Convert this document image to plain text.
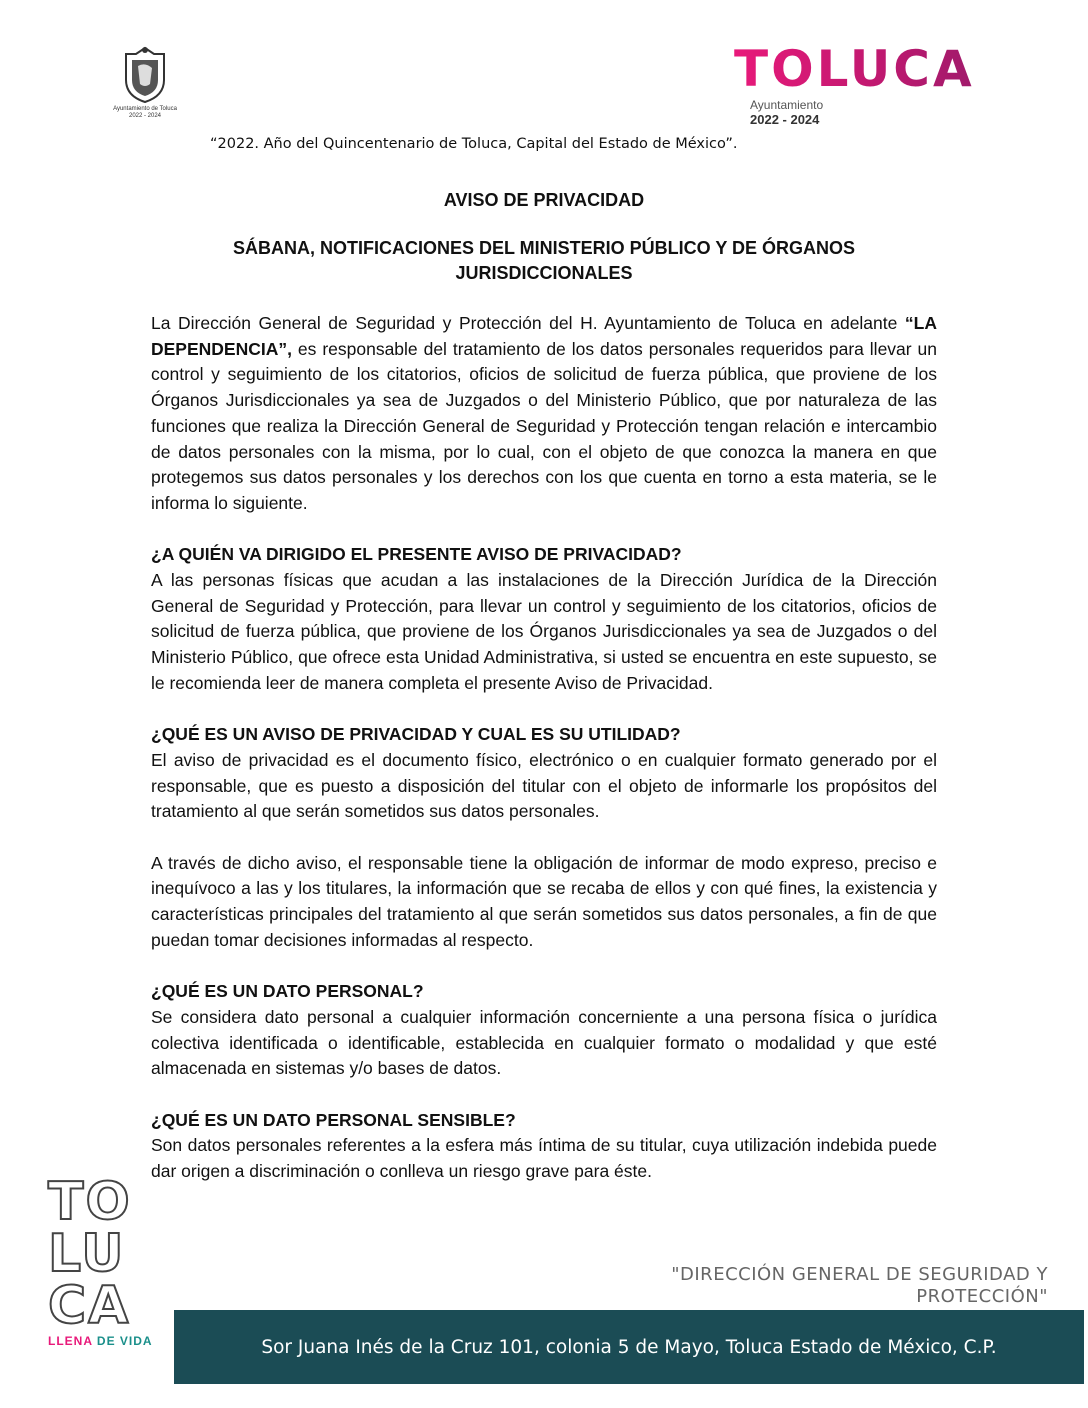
Ayuntamiento de Toluca
2022 - 2024
TOLUCA
Ayuntamiento
2022 - 2024
“2022. Año del Quincentenario de Toluca, Capital del Estado de México”.
AVISO DE PRIVACIDAD
SÁBANA, NOTIFICACIONES DEL MINISTERIO PÚBLICO Y DE ÓRGANOS JURISDICCIONALES

La Dirección General de Seguridad y Protección del H. Ayuntamiento de Toluca en adelante “LA DEPENDENCIA”, es responsable del tratamiento de los datos personales requeridos para llevar un control y seguimiento de los citatorios, oficios de solicitud de fuerza pública, que proviene de los Órganos Jurisdiccionales ya sea de Juzgados o del Ministerio Público, que por naturaleza de las funciones que realiza la Dirección General de Seguridad y Protección tengan relación e intercambio de datos personales con la misma, por lo cual, con el objeto de que conozca la manera en que protegemos sus datos personales y los derechos con los que cuenta en torno a esta materia, se le informa lo siguiente.

¿A QUIÉN VA DIRIGIDO EL PRESENTE AVISO DE PRIVACIDAD?

A las personas físicas que acudan a las instalaciones de la Dirección Jurídica de la Dirección General de Seguridad y Protección, para llevar un control y seguimiento de los citatorios, oficios de solicitud de fuerza pública, que proviene de los Órganos Jurisdiccionales ya sea de Juzgados o del Ministerio Público, que ofrece esta Unidad Administrativa, si usted se encuentra en este supuesto, se le recomienda leer de manera completa el presente Aviso de Privacidad.

¿QUÉ ES UN AVISO DE PRIVACIDAD Y CUAL ES SU UTILIDAD?

El aviso de privacidad es el documento físico, electrónico o en cualquier formato generado por el responsable, que es puesto a disposición del titular con el objeto de informarle los propósitos del tratamiento al que serán sometidos sus datos personales.

A través de dicho aviso, el responsable tiene la obligación de informar de modo expreso, preciso e inequívoco a las y los titulares, la información que se recaba de ellos y con qué fines, la existencia y características principales del tratamiento al que serán sometidos sus datos personales, a fin de que puedan tomar decisiones informadas al respecto.

¿QUÉ ES UN DATO PERSONAL?

Se considera dato personal a cualquier información concerniente a una persona física o jurídica colectiva identificada o identificable, establecida en cualquier formato o modalidad y que esté almacenada en sistemas y/o bases de datos.

¿QUÉ ES UN DATO PERSONAL SENSIBLE?

Son datos personales referentes a la esfera más íntima de su titular, cuya utilización indebida puede dar origen a discriminación o conlleva un riesgo grave para éste.

TO
LU
CA
LLENA DE VIDA
"DIRECCIÓN GENERAL DE SEGURIDAD Y
PROTECCIÓN"
Sor Juana Inés de la Cruz 101, colonia 5 de Mayo, Toluca Estado de México, C.P.
